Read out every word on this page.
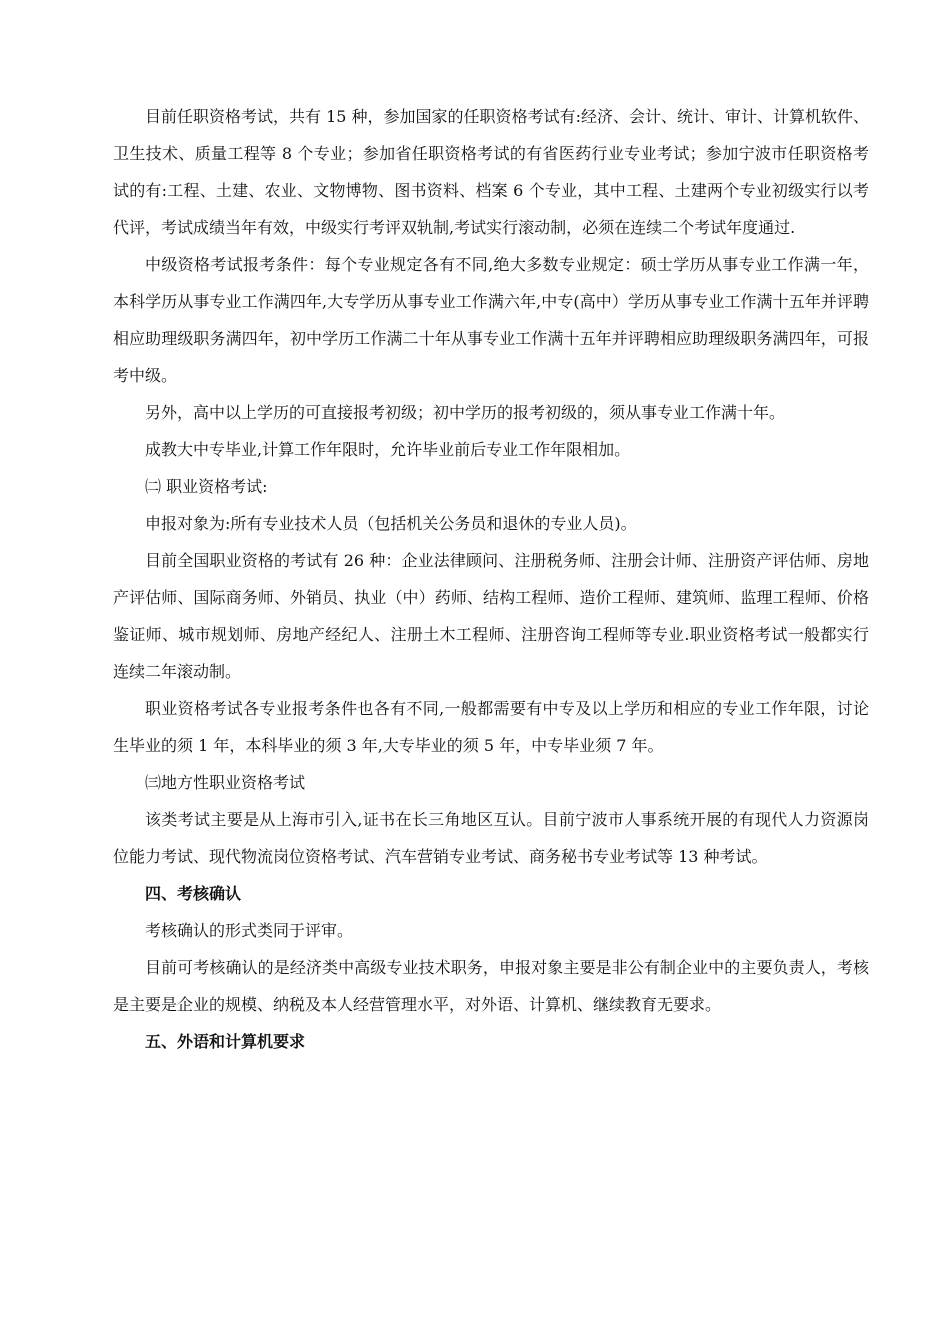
目前任职资格考试，共有 15 种，参加国家的任职资格考试有:经济、会计、统计、审计、计算机软件、卫生技术、质量工程等 8 个专业；参加省任职资格考试的有省医药行业专业考试；参加宁波市任职资格考试的有:工程、土建、农业、文物博物、图书资料、档案 6 个专业，其中工程、土建两个专业初级实行以考代评，考试成绩当年有效，中级实行考评双轨制,考试实行滚动制，必须在连续二个考试年度通过.

中级资格考试报考条件：每个专业规定各有不同,绝大多数专业规定：硕士学历从事专业工作满一年，本科学历从事专业工作满四年,大专学历从事专业工作满六年,中专(高中）学历从事专业工作满十五年并评聘相应助理级职务满四年，初中学历工作满二十年从事专业工作满十五年并评聘相应助理级职务满四年，可报考中级。

另外，高中以上学历的可直接报考初级；初中学历的报考初级的，须从事专业工作满十年。

成教大中专毕业,计算工作年限时，允许毕业前后专业工作年限相加。

㈡ 职业资格考试:

申报对象为:所有专业技术人员（包括机关公务员和退休的专业人员)。

目前全国职业资格的考试有 26 种：企业法律顾问、注册税务师、注册会计师、注册资产评估师、房地产评估师、国际商务师、外销员、执业（中）药师、结构工程师、造价工程师、建筑师、监理工程师、价格鉴证师、城市规划师、房地产经纪人、注册土木工程师、注册咨询工程师等专业.职业资格考试一般都实行连续二年滚动制。

职业资格考试各专业报考条件也各有不同,一般都需要有中专及以上学历和相应的专业工作年限，讨论生毕业的须 1 年，本科毕业的须 3 年,大专毕业的须 5 年，中专毕业须 7 年。

㈢地方性职业资格考试

该类考试主要是从上海市引入,证书在长三角地区互认。目前宁波市人事系统开展的有现代人力资源岗位能力考试、现代物流岗位资格考试、汽车营销专业考试、商务秘书专业考试等 13 种考试。

四、考核确认

考核确认的形式类同于评审。

目前可考核确认的是经济类中高级专业技术职务，申报对象主要是非公有制企业中的主要负责人，考核是主要是企业的规模、纳税及本人经营管理水平，对外语、计算机、继续教育无要求。

五、外语和计算机要求
